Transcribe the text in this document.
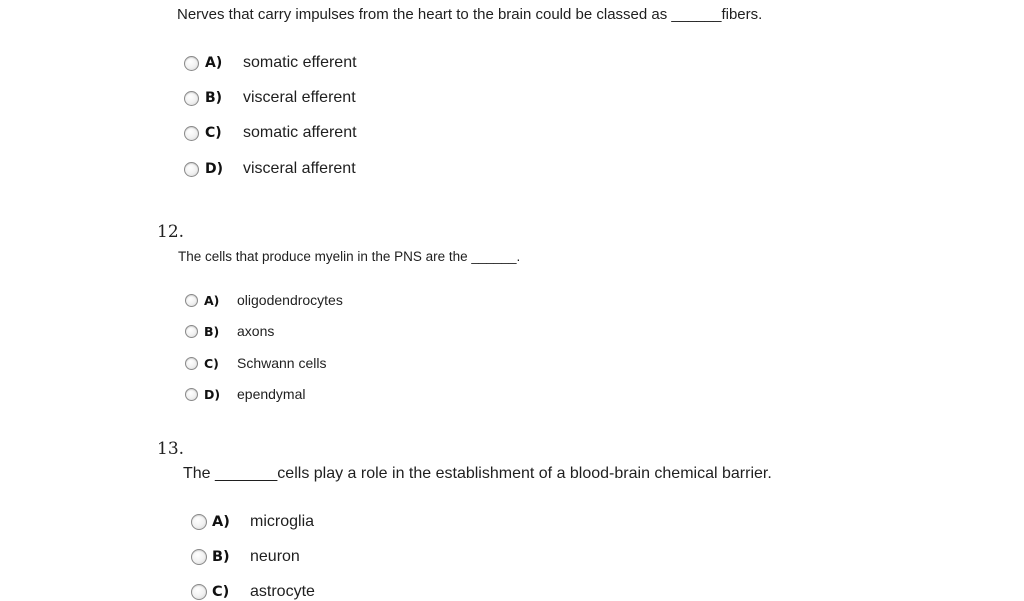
Nerves that carry impulses from the heart to the brain could be classed as ______fibers.
A)	somatic efferent
B)	visceral efferent
C)	somatic afferent
D)	visceral afferent
12.
The cells that produce myelin in the PNS are the ______.
A)	oligodendrocytes
B)	axons
C)	Schwann cells
D)	ependymal
13.
The _______cells play a role in the establishment of a blood-brain chemical barrier.
A)	microglia
B)	neuron
C)	astrocyte
